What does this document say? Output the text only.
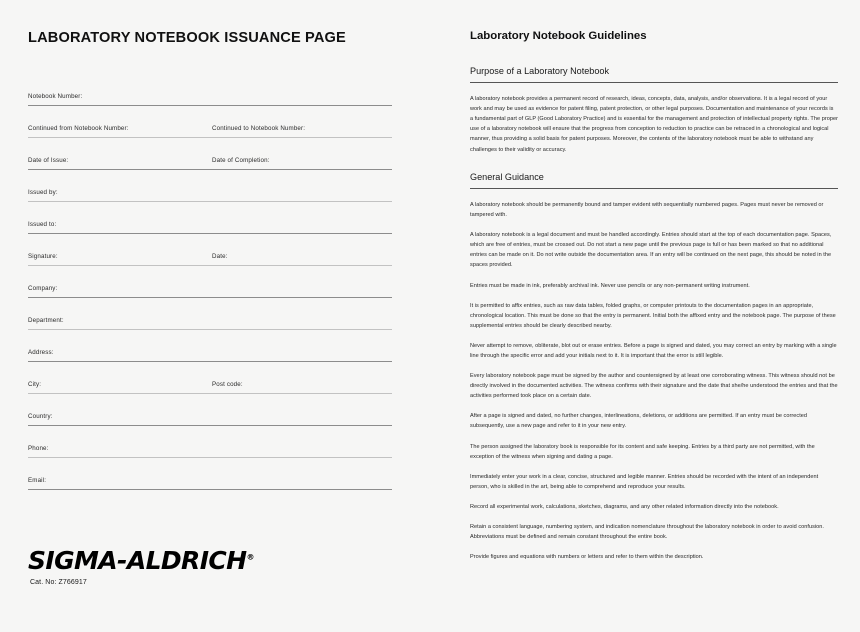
LABORATORY NOTEBOOK ISSUANCE PAGE
Notebook Number:
Continued from Notebook Number:	Continued to Notebook Number:
Date of Issue:	Date of Completion:
Issued by:
Issued to:
Signature:	Date:
Company:
Department:
Address:
City:	Post code:
Country:
Phone:
Email:
SIGMA-ALDRICH®
Cat. No: Z766917
Laboratory Notebook Guidelines
Purpose of a Laboratory Notebook

A laboratory notebook provides a permanent record of research, ideas, concepts, data, analysis, and/or observations. It is a legal record of your work and may be used as evidence for patent filing, patent protection, or other legal purposes. Documentation and maintenance of your records is a fundamental part of GLP (Good Laboratory Practice) and is essential for the management and protection of intellectual property rights. The proper use of a laboratory notebook will ensure that the progress from conception to reduction to practice can be retraced in a chronological and logical manner, thus providing a solid basis for patent purposes. Moreover, the contents of the laboratory notebook must be able to withstand any challenges to their validity or accuracy.

General Guidance

A laboratory notebook should be permanently bound and tamper evident with sequentially numbered pages. Pages must never be removed or tampered with.

A laboratory notebook is a legal document and must be handled accordingly. Entries should start at the top of each documentation page. Spaces, which are free of entries, must be crossed out. Do not start a new page until the previous page is full or has been marked so that no additional entries can be made on it. Do not write outside the documentation area. If an entry will be continued on the next page, this should be noted in the spaces provided.

Entries must be made in ink, preferably archival ink. Never use pencils or any non-permanent writing instrument.

It is permitted to affix entries, such as raw data tables, folded graphs, or computer printouts to the documentation pages in an appropriate, chronological location. This must be done so that the entry is permanent. Initial both the affixed entry and the notebook page. The purpose of these supplemental entries should be clearly described nearby.

Never attempt to remove, obliterate, blot out or erase entries. Before a page is signed and dated, you may correct an entry by marking with a single line through the specific error and add your initials next to it. It is important that the error is still legible.

Every laboratory notebook page must be signed by the author and countersigned by at least one corroborating witness. This witness should not be directly involved in the documented activities. The witness confirms with their signature and the date that she/he understood the entries and that the activities performed took place on a certain date.

After a page is signed and dated, no further changes, interlineations, deletions, or additions are permitted. If an entry must be corrected subsequently, use a new page and refer to it in your new entry.

The person assigned the laboratory book is responsible for its content and safe keeping. Entries by a third party are not permitted, with the exception of the witness when signing and dating a page.

Immediately enter your work in a clear, concise, structured and legible manner. Entries should be recorded with the intent of an independent person, who is skilled in the art, being able to comprehend and reproduce your results.

Record all experimental work, calculations, sketches, diagrams, and any other related information directly into the notebook.

Retain a consistent language, numbering system, and indication nomenclature throughout the laboratory notebook in order to avoid confusion. Abbreviations must be defined and remain constant throughout the entire book.

Provide figures and equations with numbers or letters and refer to them within the description.
